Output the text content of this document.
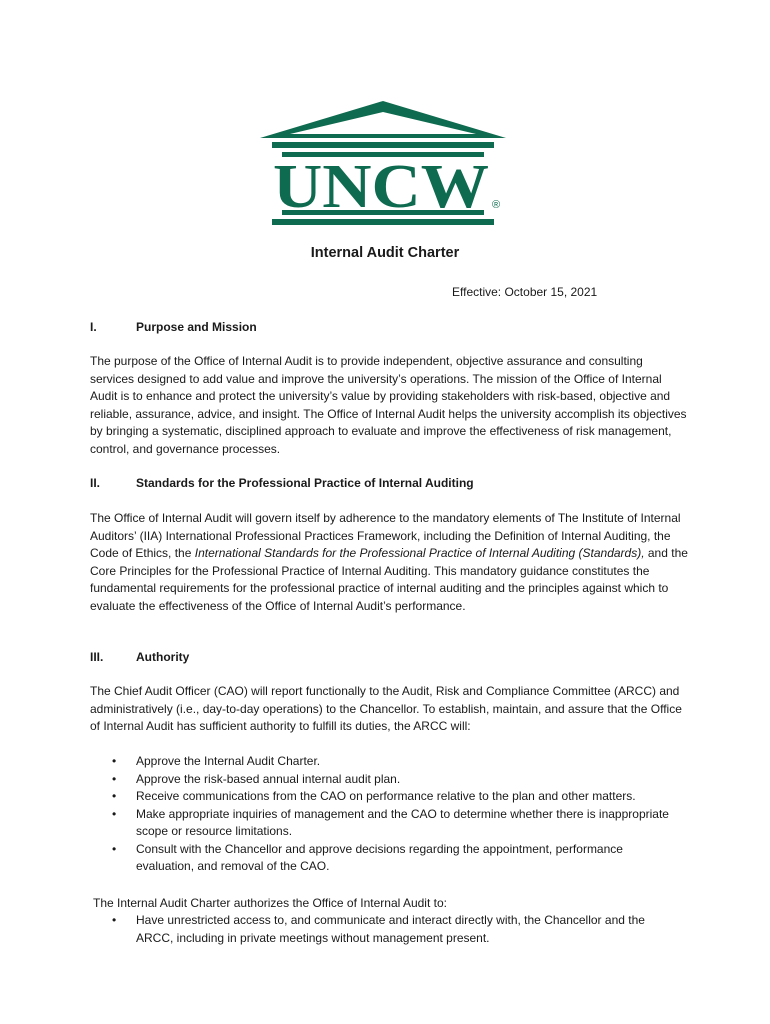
UNCW ®
Internal Audit Charter
Effective: October 15, 2021
I.	Purpose and Mission

The purpose of the Office of Internal Audit is to provide independent, objective assurance and consulting services designed to add value and improve the university’s operations. The mission of the Office of Internal Audit is to enhance and protect the university’s value by providing stakeholders with risk-based, objective and reliable, assurance, advice, and insight. The Office of Internal Audit helps the university accomplish its objectives by bringing a systematic, disciplined approach to evaluate and improve the effectiveness of risk management, control, and governance processes.

II.	Standards for the Professional Practice of Internal Auditing

The Office of Internal Audit will govern itself by adherence to the mandatory elements of The Institute of Internal Auditors’ (IIA) International Professional Practices Framework, including the Definition of Internal Auditing, the Code of Ethics, the International Standards for the Professional Practice of Internal Auditing (Standards), and the Core Principles for the Professional Practice of Internal Auditing. This mandatory guidance constitutes the fundamental requirements for the professional practice of internal auditing and the principles against which to evaluate the effectiveness of the Office of Internal Audit’s performance.

III.	Authority

The Chief Audit Officer (CAO) will report functionally to the Audit, Risk and Compliance Committee (ARCC) and administratively (i.e., day-to-day operations) to the Chancellor. To establish, maintain, and assure that the Office of Internal Audit has sufficient authority to fulfill its duties, the ARCC will:

• Approve the Internal Audit Charter.
• Approve the risk-based annual internal audit plan.
• Receive communications from the CAO on performance relative to the plan and other matters.
• Make appropriate inquiries of management and the CAO to determine whether there is inappropriate scope or resource limitations.
• Consult with the Chancellor and approve decisions regarding the appointment, performance evaluation, and removal of the CAO.

The Internal Audit Charter authorizes the Office of Internal Audit to:

• Have unrestricted access to, and communicate and interact directly with, the Chancellor and the ARCC, including in private meetings without management present.
